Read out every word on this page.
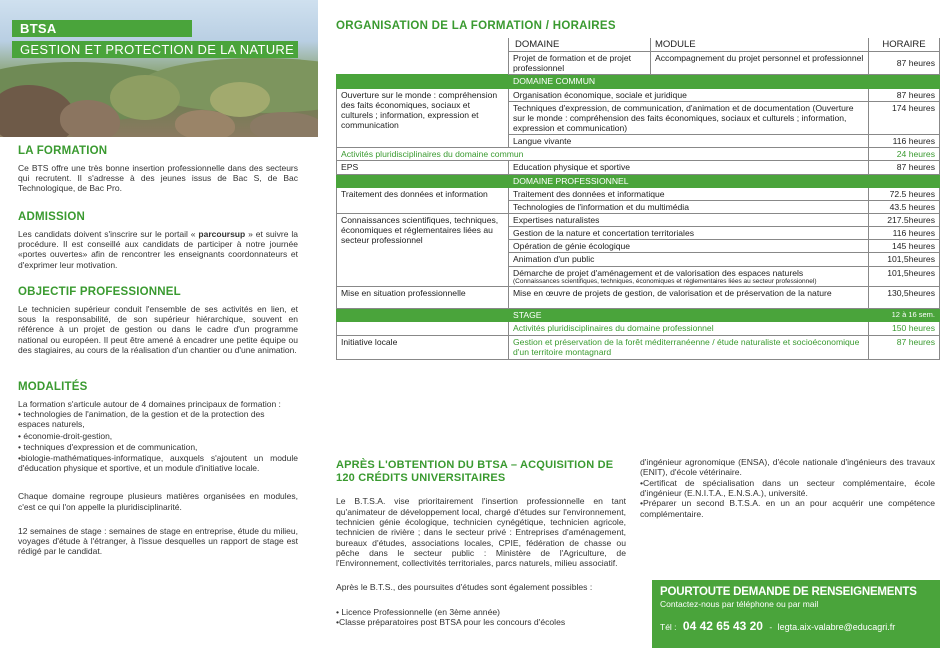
BTSA
GESTION ET PROTECTION DE LA NATURE
LA FORMATION

Ce BTS offre une très bonne insertion professionnelle dans des secteurs qui recrutent. Il s'adresse à des jeunes issus de Bac S, de Bac Technologique, de Bac Pro.

ADMISSION

Les candidats doivent s'inscrire sur le portail « parcoursup » et suivre la procédure. Il est conseillé aux candidats de participer à notre journée «portes ouvertes» afin de rencontrer les enseignants coordonnateurs et d'exprimer leur motivation.

OBJECTIF PROFESSIONNEL

Le technicien supérieur conduit l'ensemble de ses activités en lien, et sous la responsabilité, de son supérieur hiérarchique, souvent en référence à un projet de gestion ou dans le cadre d'un programme national ou européen. Il peut être amené à encadrer une petite équipe ou des stagiaires, au cours de la réalisation d'un chantier ou d'une animation.

MODALITÉS

La formation s'articule autour de 4 domaines principaux de formation :

• technologies de l'animation, de la gestion et de la protection des espaces naturels,
• économie-droit-gestion,
• techniques d'expression et de communication,
•biologie-mathématiques-informatique, auxquels s'ajoutent un module d'éducation physique et sportive, et un module d'initiative locale.

Chaque domaine regroupe plusieurs matières organisées en modules, c'est ce qui l'on appelle la pluridisciplinarité.

12 semaines de stage : semaines de stage en entreprise, étude du milieu, voyages d'étude à l'étranger, à l'issue desquelles un rapport de stage est rédigé par le candidat.

ORGANISATION DE LA FORMATION / HORAIRES
	DOMAINE	MODULE	HORAIRE
	Projet de formation et de projet professionnel	Accompagnement du projet personnel et professionnel	87 heures
	DOMAINE COMMUN		
Ouverture sur le monde : compréhension des faits économiques, sociaux et culturels ; information, expression et communication	Organisation économique, sociale et juridique		87 heures
	Techniques d'expression, de communication, d'animation et de documentation (Ouverture sur le monde : compréhension des faits économiques, sociaux et culturels ; information, expression et communication)		174 heures
	Langue vivante		116 heures
Activités pluridisciplinaires du domaine commun			24 heures
EPS	Education physique et sportive		87 heures
	DOMAINE PROFESSIONNEL		
Traitement des données et information	Traitement des données et informatique		72.5 heures
	Technologies de l'information et du multimédia		43.5 heures
Connaissances scientifiques, techniques, économiques et réglementaires liées au secteur professionnel	Expertises naturalistes		217.5heures
	Gestion de la nature et concertation territoriales		116 heures
	Opération de génie écologique		145 heures
	Animation d'un public		101,5heures
	Démarche de projet d'aménagement et de valorisation des espaces naturels
(Connaissances scientifiques, techniques, économiques et réglementaires liées au secteur professionnel)		101,5heures
Mise en situation professionnelle	Mise en œuvre de projets de gestion, de valorisation et de préservation de la nature		130,5heures
	STAGE		12 à 16 sem.
	Activités pluridisciplinaires du domaine professionnel		150 heures
Initiative locale	Gestion et préservation de la forêt méditerranéenne / étude naturaliste et socioéconomique d'un territoire montagnard		87 heures
APRÈS L'OBTENTION DU BTSA – ACQUISITION DE 120 CRÉDITS UNIVERSITAIRES

Le B.T.S.A. vise prioritairement l'insertion professionnelle en tant qu'animateur de développement local, chargé d'études sur l'environnement, technicien génie écologique, technicien cynégétique, technicien agricole, technicien de rivière ; dans le secteur privé : Entreprises d'aménagement, bureaux d'études, associations locales, CPIE, fédération de chasse ou pêche dans le secteur public : Ministère de l'Agriculture, de l'Environnement, collectivités territoriales, parcs naturels, milieu associatif.

Après le B.T.S., des poursuites d'études sont également possibles :

• Licence Professionnelle (en 3ème année)
•Classe préparatoires post BTSA pour les concours d'écoles

d'ingénieur agronomique (ENSA), d'école nationale d'ingénieurs des travaux (ENIT), d'école vétérinaire.

•Certificat de spécialisation dans un secteur complémentaire, école d'ingénieur (E.N.I.T.A., E.N.S.A.), université.

•Préparer un second B.T.S.A. en un an pour acquérir une compétence complémentaire.

POURTOUTE DEMANDE DE RENSEIGNEMENTS
Contactez-nous par téléphone ou par mail
Tél : 04 42 65 43 20 - legta.aix-valabre@educagri.fr
